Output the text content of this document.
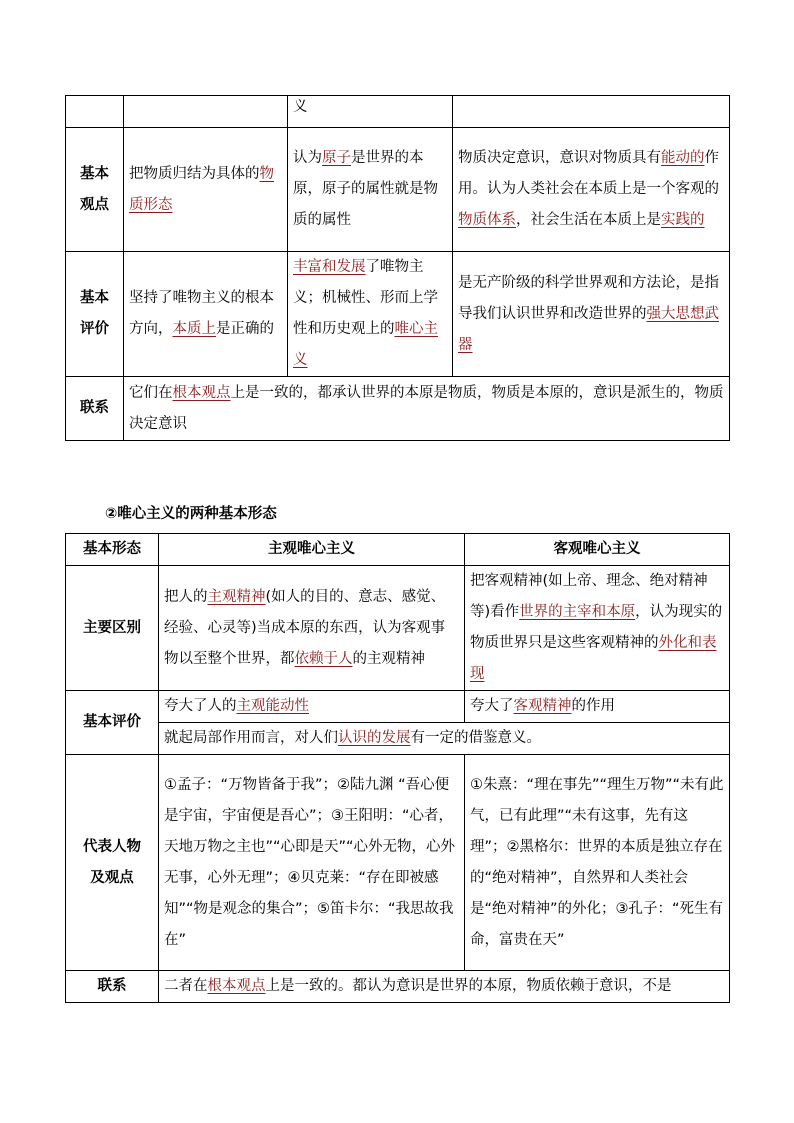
		义	
基本
观点	把物质归结为具体的物质形态	认为原子是世界的本原，原子的属性就是物质的属性	物质决定意识，意识对物质具有能动的作用。认为人类社会在本质上是一个客观的物质体系，社会生活在本质上是实践的
基本
评价	坚持了唯物主义的根本方向，本质上是正确的	丰富和发展了唯物主义；机械性、形而上学性和历史观上的唯心主义	是无产阶级的科学世界观和方法论，是指导我们认识世界和改造世界的强大思想武器
联系	它们在根本观点上是一致的，都承认世界的本原是物质，物质是本原的，意识是派生的，物质决定意识		
②唯心主义的两种基本形态
基本形态	主观唯心主义	客观唯心主义
主要区别	把人的主观精神(如人的目的、意志、感觉、经验、心灵等)当成本原的东西，认为客观事物以至整个世界，都依赖于人的主观精神	把客观精神(如上帝、理念、绝对精神等)看作世界的主宰和本原，认为现实的物质世界只是这些客观精神的外化和表现
基本评价	夸大了人的主观能动性	夸大了客观精神的作用
	就起局部作用而言，对人们认识的发展有一定的借鉴意义。	
代表人物
及观点	①孟子：“万物皆备于我”；②陆九渊 “吾心便是宇宙，宇宙便是吾心”；③王阳明：“心者，天地万物之主也”“心即是天”“心外无物，心外无事，心外无理”；④贝克莱：“存在即被感知”“物是观念的集合”；⑤笛卡尔：“我思故我在”	①朱熹：“理在事先”“理生万物”“未有此气，已有此理”“未有这事，先有这理”；②黑格尔：世界的本质是独立存在的“绝对精神”，自然界和人类社会是“绝对精神”的外化；③孔子：“死生有命，富贵在天”
联系	二者在根本观点上是一致的。都认为意识是世界的本原，物质依赖于意识，不是	
